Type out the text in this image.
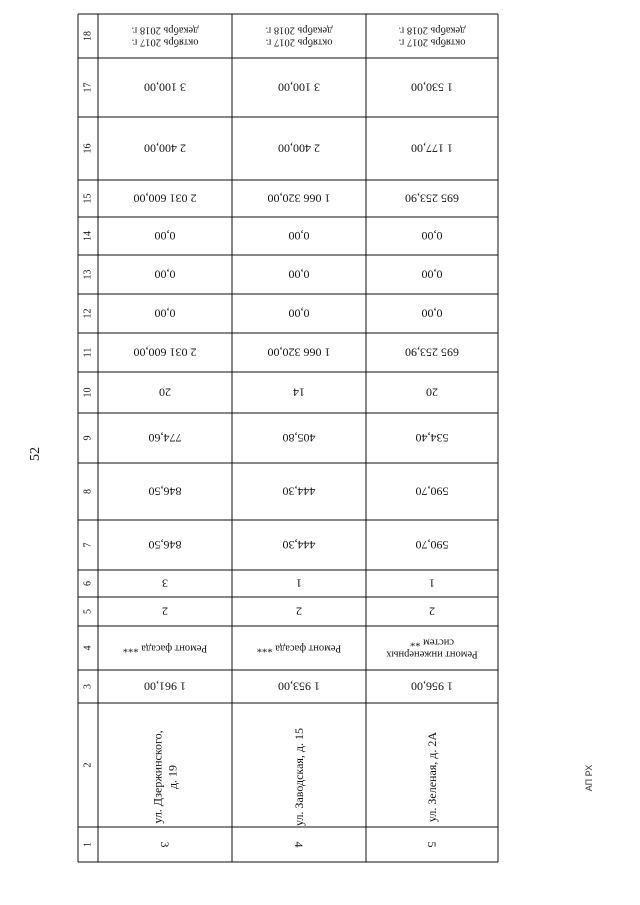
52
АП РХ
1
2
3
4
5
6
7
8
9
10
11
12
13
14
15
16
17
18
3
ул. Дзержинского, д. 19
1 961,00
Ремонт фасада ***
2
3
846,50
846,50
774,60
20
2 031 600,00
0,00
0,00
0,00
2 031 600,00
2 400,00
3 100,00
октябрь 2017 г.
декабрь 2018 г.
4
ул. Заводская, д. 15
1 953,00
Ремонт фасада ***
2
1
444,30
444,30
405,80
14
1 066 320,00
0,00
0,00
0,00
1 066 320,00
2 400,00
3 100,00
октябрь 2017 г.
декабрь 2018 г.
5
ул. Зеленая, д. 2А
1 956,00
Ремонт инженерных
систем **
2
1
590,70
590,70
534,40
20
695 253,90
0,00
0,00
0,00
695 253,90
1 177,00
1 530,00
октябрь 2017 г.
декабрь 2018 г.
